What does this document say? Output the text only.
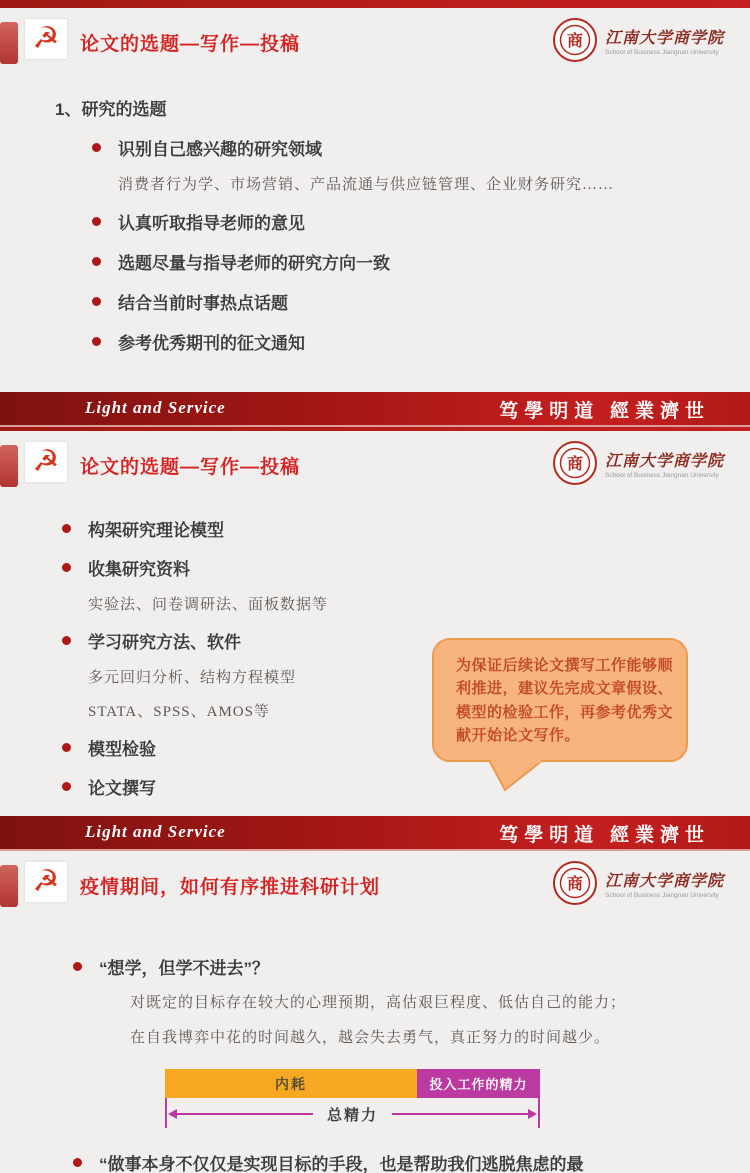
☭ 论文的选题—写作—投稿	商 江南大学商学院
School of Business Jiangnan University
1、研究的选题
识别自己感兴趣的研究领域
消费者行为学、市场营销、产品流通与供应链管理、企业财务研究……
认真听取指导老师的意见
选题尽量与指导老师的研究方向一致
结合当前时事热点话题
参考优秀期刊的征文通知
Light and Service	笃學明道 經業濟世
☭ 论文的选题—写作—投稿	商 江南大学商学院
School of Business Jiangnan University
构架研究理论模型
收集研究资料
实验法、问卷调研法、面板数据等
学习研究方法、软件
多元回归分析、结构方程模型
STATA、SPSS、AMOS等
模型检验
论文撰写
为保证后续论文撰写工作能够顺利推进，建议先完成文章假设、模型的检验工作，再参考优秀文献开始论文写作。
Light and Service	笃學明道 經業濟世
☭ 疫情期间，如何有序推进科研计划	商 江南大学商学院
School of Business Jiangnan University
“想学，但学不进去”？
对既定的目标存在较大的心理预期，高估艰巨程度、低估自己的能力；
在自我博弈中花的时间越久，越会失去勇气，真正努力的时间越少。
内耗	投入工作的精力
总精力
“做事本身不仅仅是实现目标的手段，也是帮助我们逃脱焦虑的最
